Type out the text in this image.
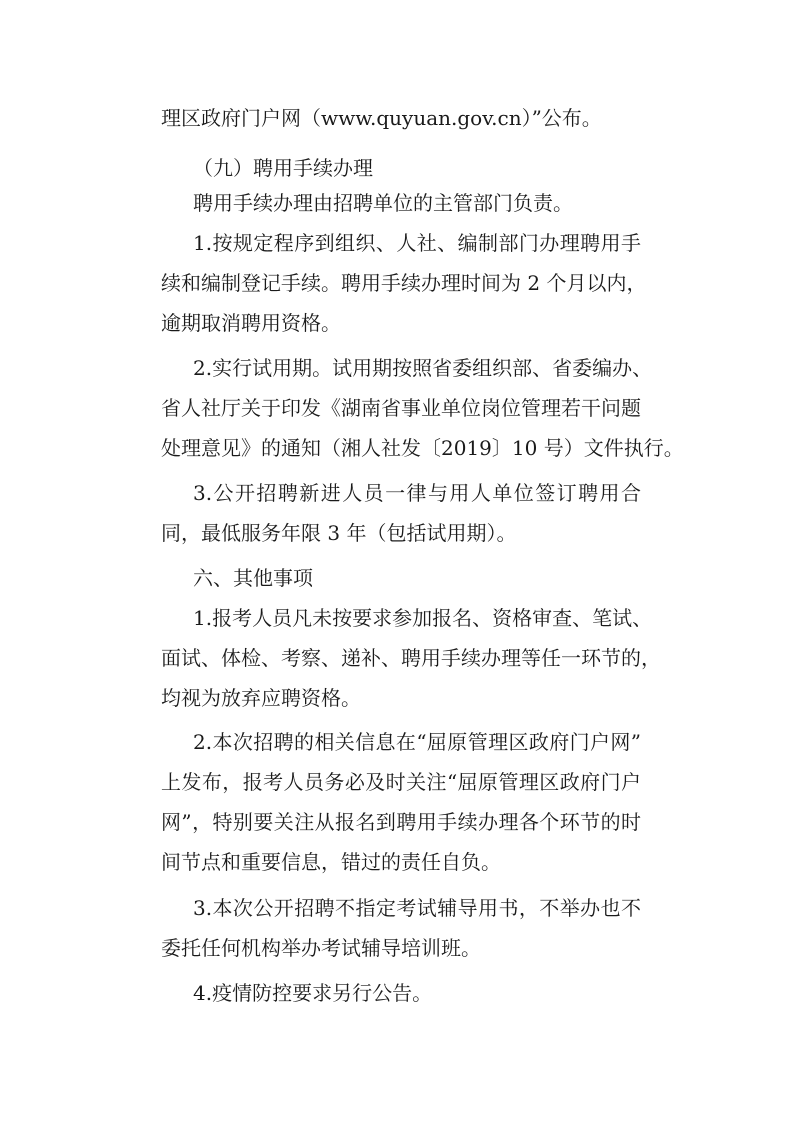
理区政府门户网（www.quyuan.gov.cn）”公布。
（九）聘用手续办理
聘用手续办理由招聘单位的主管部门负责。
1.按规定程序到组织、人社、编制部门办理聘用手
续和编制登记手续。聘用手续办理时间为 2 个月以内，
逾期取消聘用资格。
2.实行试用期。试用期按照省委组织部、省委编办、
省人社厅关于印发《湖南省事业单位岗位管理若干问题
处理意见》的通知（湘人社发〔2019〕10 号）文件执行。
3.公开招聘新进人员一律与用人单位签订聘用合
同，最低服务年限 3 年（包括试用期）。
六、其他事项
1.报考人员凡未按要求参加报名、资格审查、笔试、
面试、体检、考察、递补、聘用手续办理等任一环节的，
均视为放弃应聘资格。
2.本次招聘的相关信息在“屈原管理区政府门户网”
上发布，报考人员务必及时关注“屈原管理区政府门户
网”，特别要关注从报名到聘用手续办理各个环节的时
间节点和重要信息，错过的责任自负。
3.本次公开招聘不指定考试辅导用书，不举办也不
委托任何机构举办考试辅导培训班。
4.疫情防控要求另行公告。
